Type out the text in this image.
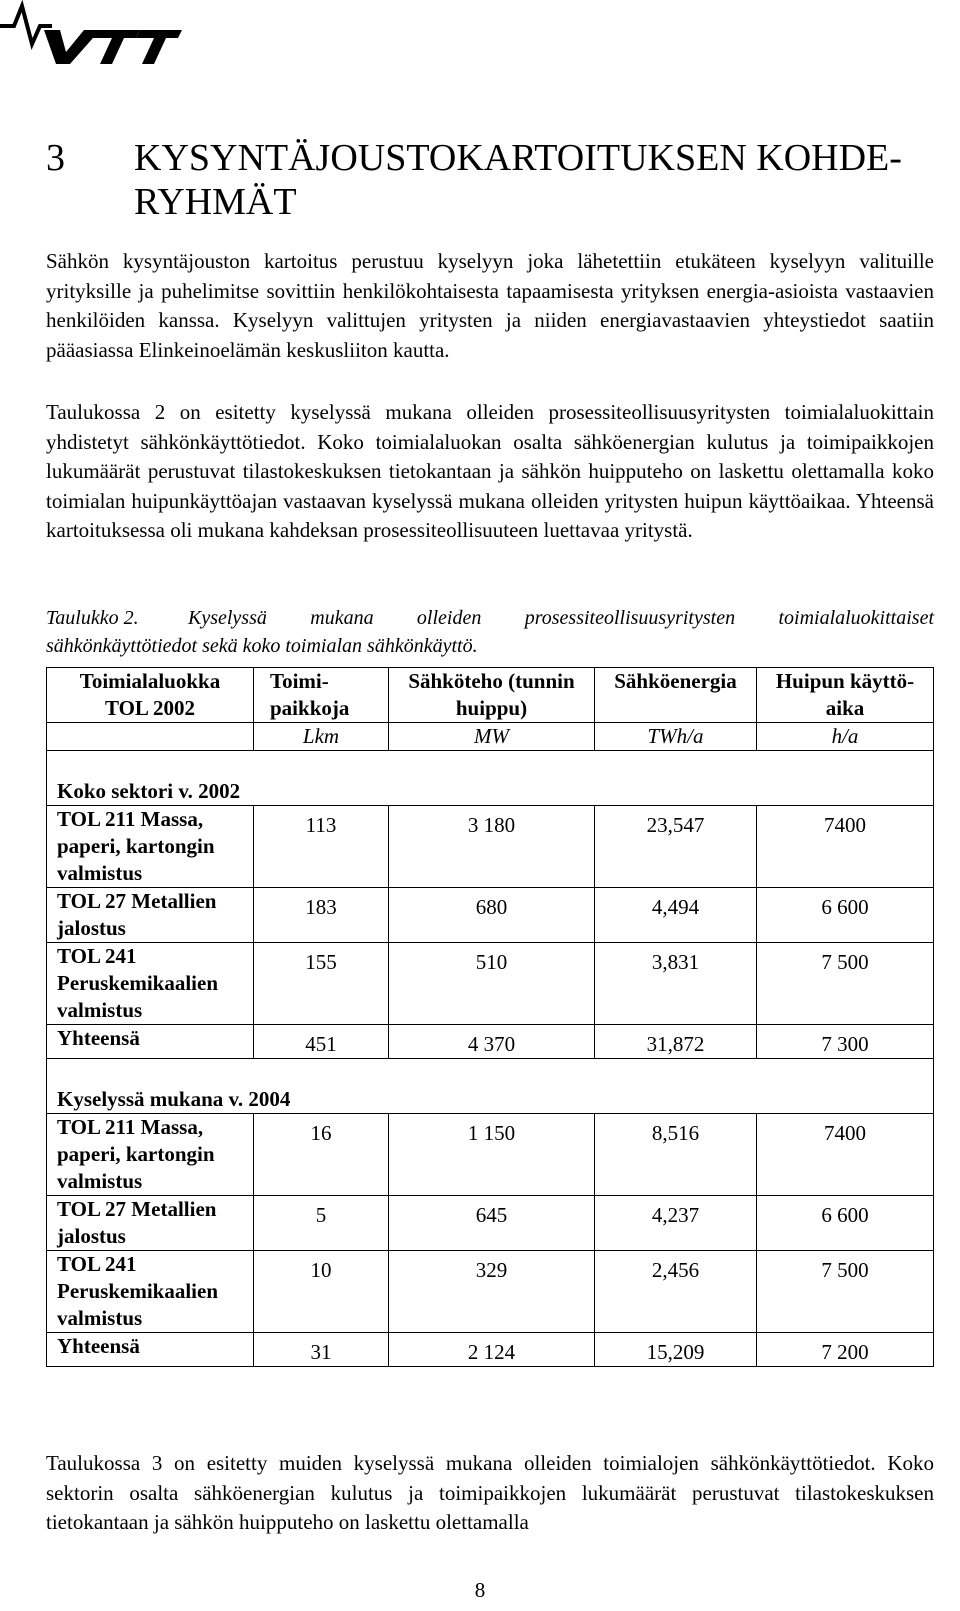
3	KYSYNTÄJOUSTOKARTOITUKSEN KOHDE-RYHMÄT

Sähkön kysyntäjouston kartoitus perustuu kyselyyn joka lähetettiin etukäteen kyselyyn valituille yrityksille ja puhelimitse sovittiin henkilökohtaisesta tapaamisesta yrityksen energia-asioista vastaavien henkilöiden kanssa. Kyselyyn valittujen yritysten ja niiden energiavastaavien yhteystiedot saatiin pääasiassa Elinkeinoelämän keskusliiton kautta.

Taulukossa 2 on esitetty kyselyssä mukana olleiden prosessiteollisuusyritysten toimialaluokittain yhdistetyt sähkönkäyttötiedot. Koko toimialaluokan osalta sähköenergian kulutus ja toimipaikkojen lukumäärät perustuvat tilastokeskuksen tietokantaan ja sähkön huipputeho on laskettu olettamalla koko toimialan huipunkäyttöajan vastaavan kyselyssä mukana olleiden yritysten huipun käyttöaikaa. Yhteensä kartoituksessa oli mukana kahdeksan prosessiteollisuuteen luettavaa yritystä.

Taulukko 2. Kyselyssä mukana olleiden prosessiteollisuusyritysten toimialaluokittaiset sähkönkäyttötiedot sekä koko toimialan sähkönkäyttö.
Toimialaluokka TOL 2002	Toimi-paikkoja	Sähköteho (tunnin huippu)	Sähköenergia	Huipun käyttö-aika
	Lkm	MW	TWh/a	h/a
Koko sektori v. 2002				
TOL 211 Massa, paperi, kartongin valmistus	113	3 180	23,547	7400
TOL 27 Metallien jalostus	183	680	4,494	6 600
TOL 241 Peruskemikaalien valmistus	155	510	3,831	7 500
Yhteensä	451	4 370	31,872	7 300
Kyselyssä mukana v. 2004				
TOL 211 Massa, paperi, kartongin valmistus	16	1 150	8,516	7400
TOL 27 Metallien jalostus	5	645	4,237	6 600
TOL 241 Peruskemikaalien valmistus	10	329	2,456	7 500
Yhteensä	31	2 124	15,209	7 200

Taulukossa 3 on esitetty muiden kyselyssä mukana olleiden toimialojen sähkönkäyttötiedot. Koko sektorin osalta sähköenergian kulutus ja toimipaikkojen lukumäärät perustuvat tilastokeskuksen tietokantaan ja sähkön huipputeho on laskettu olettamalla

8
